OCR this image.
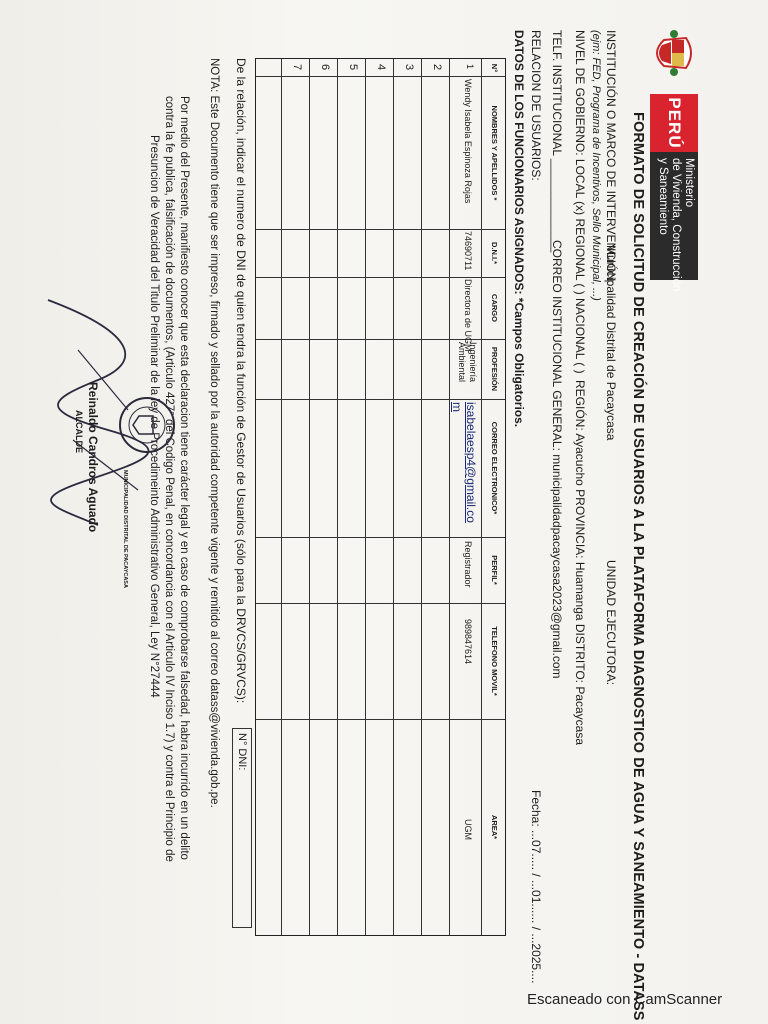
PERÚ
Ministerio
de Vivienda, Construcción
y Saneamiento
FORMATO DE SOLICITUD DE CREACIÓN DE USUARIOS A LA PLATAFORMA DIAGNOSTICO DE AGUA Y SANEAMIENTO - DATASS
INSTITUCIÓN O MARCO DE INTERVENCIÓN:
Municipalidad Distrital de Pacaycasa
UNIDAD EJECUTORA:
(ejm: FED, Programa de Incentivos, Sello Municipal, ...)
NIVEL DE GOBIERNO: LOCAL (x) REGIONAL ( ) NACIONAL ( )
REGIÓN: Ayacucho PROVINCIA: Huamanga DISTRITO: Pacaycasa
TELF. INSTITUCIONAL ______________
CORREO INSTITUCIONAL GENERAL: municipalidadpacaycasa2023@gmail.com
RELACION DE USUARIOS:
Fecha: ...07..... / ...01...... / ...2025....
DATOS DE LOS FUNCIONARIOS ASIGNADOS: *Campos Obligatorios.
N°
NOMBRES Y APELLIDOS *
D.N.I.*
CARGO
PROFESIÓN
CORREO ELECTRONICO*
PERFIL*
TELEFONO MOVIL*
AREA*
1
Wendy Isabela Espinoza Rojas
74690711
Directora de UGM
Ingeniería
Ambiental
isabelaesp4@gmail.co
m
Registrador
989847614
UGM
2
3
4
5
6
7
De la relación, indicar el numero de DNI de quien tendra la función de Gestor de Usuarios (sólo para la DRVCS/GRVCS):
N° DNI:
NOTA: Este Documento tiene que ser impreso, firmado y sellado por la autoridad competente vigente y remitido al correo datass@vivienda.gob.pe.
Por medio del Presente, manifiesto conocer que esta declaracion tiene carácter legal y en caso de comprobarse falsedad, habra incurrido en un delito
contra la fe publica, falsificación de documentos, (Articulo 427° del Codigo Penal, en concordancia con el Articulo IV Inciso 1.7) y contra el Principio de
Presuncion de Veracidad del Titulo Preliminar de la ley de Procedimeinto Administrativo General, Ley N°27444
MUNICIPALIDAD DISTRITAL DE PACAYCASA
Reinaldo Candros Aguado
ALCALDE
Escaneado con CamScanner
